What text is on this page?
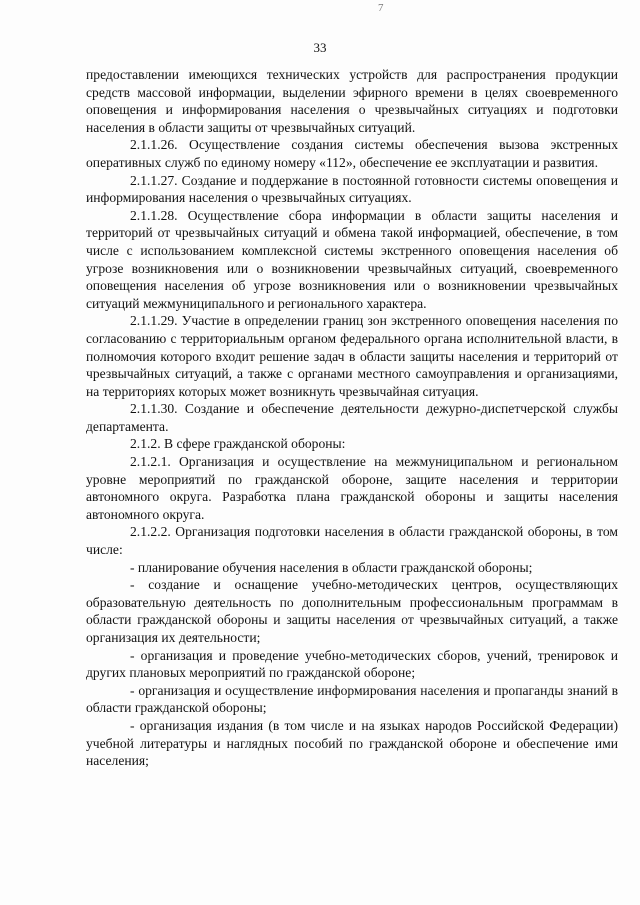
7
33

предоставлении имеющихся технических устройств для распространения продукции средств массовой информации, выделении эфирного времени в целях своевременного оповещения и информирования населения о чрезвычайных ситуациях и подготовки населения в области защиты от чрезвычайных ситуаций.

2.1.1.26. Осуществление создания системы обеспечения вызова экстренных оперативных служб по единому номеру «112», обеспечение ее эксплуатации и развития.

2.1.1.27. Создание и поддержание в постоянной готовности системы оповещения и информирования населения о чрезвычайных ситуациях.

2.1.1.28. Осуществление сбора информации в области защиты населения и территорий от чрезвычайных ситуаций и обмена такой информацией, обеспечение, в том числе с использованием комплексной системы экстренного оповещения населения об угрозе возникновения или о возникновении чрезвычайных ситуаций, своевременного оповещения населения об угрозе возникновения или о возникновении чрезвычайных ситуаций межмуниципального и регионального характера.

2.1.1.29. Участие в определении границ зон экстренного оповещения населения по согласованию с территориальным органом федерального органа исполнительной власти, в полномочия которого входит решение задач в области защиты населения и территорий от чрезвычайных ситуаций, а также с органами местного самоуправления и организациями, на территориях которых может возникнуть чрезвычайная ситуация.

2.1.1.30. Создание и обеспечение деятельности дежурно-диспетчерской службы департамента.

2.1.2. В сфере гражданской обороны:

2.1.2.1. Организация и осуществление на межмуниципальном и региональном уровне мероприятий по гражданской обороне, защите населения и территории автономного округа. Разработка плана гражданской обороны и защиты населения автономного округа.

2.1.2.2. Организация подготовки населения в области гражданской обороны, в том числе:

- планирование обучения населения в области гражданской обороны;

- создание и оснащение учебно-методических центров, осуществляющих образовательную деятельность по дополнительным профессиональным программам в области гражданской обороны и защиты населения от чрезвычайных ситуаций, а также организация их деятельности;

- организация и проведение учебно-методических сборов, учений, тренировок и других плановых мероприятий по гражданской обороне;

- организация и осуществление информирования населения и пропаганды знаний в области гражданской обороны;

- организация издания (в том числе и на языках народов Российской Федерации) учебной литературы и наглядных пособий по гражданской обороне и обеспечение ими населения;
